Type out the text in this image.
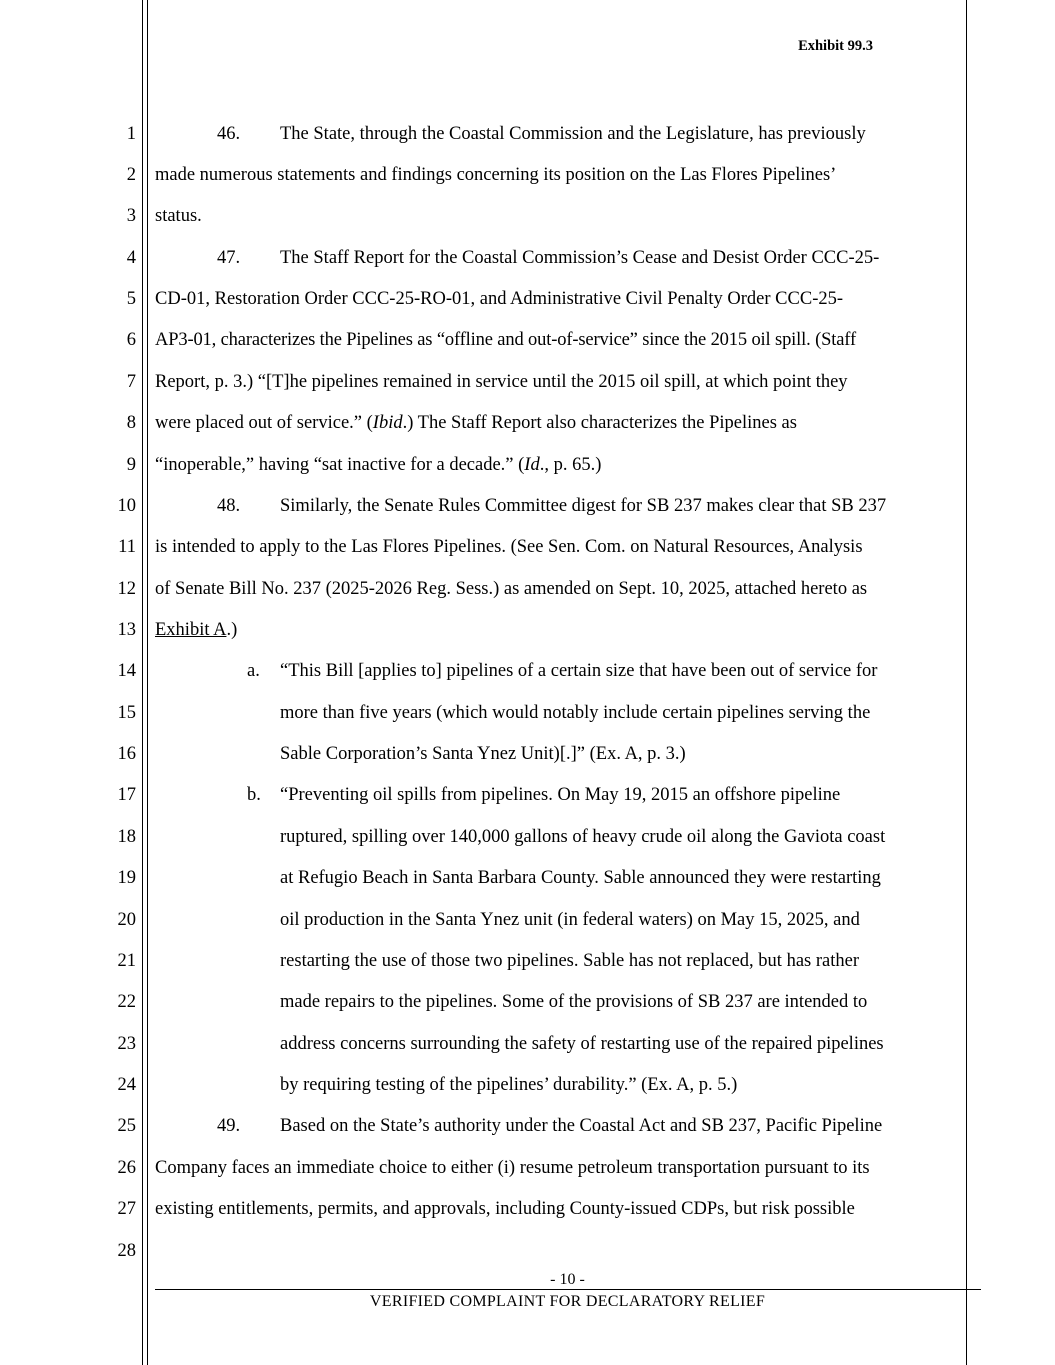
Exhibit 99.3
1
2
3
4
5
6
7
8
9
10
11
12
13
14
15
16
17
18
19
20
21
22
23
24
25
26
27
28
46. The State, through the Coastal Commission and the Legislature, has previously
made numerous statements and findings concerning its position on the Las Flores Pipelines’
status.
47. The Staff Report for the Coastal Commission’s Cease and Desist Order CCC-25-
CD-01, Restoration Order CCC-25-RO-01, and Administrative Civil Penalty Order CCC-25-
AP3-01, characterizes the Pipelines as “offline and out-of-service” since the 2015 oil spill. (Staff
Report, p. 3.) “[T]he pipelines remained in service until the 2015 oil spill, at which point they
were placed out of service.” (Ibid.) The Staff Report also characterizes the Pipelines as
“inoperable,” having “sat inactive for a decade.” (Id., p. 65.)
48. Similarly, the Senate Rules Committee digest for SB 237 makes clear that SB 237
is intended to apply to the Las Flores Pipelines. (See Sen. Com. on Natural Resources, Analysis
of Senate Bill No. 237 (2025-2026 Reg. Sess.) as amended on Sept. 10, 2025, attached hereto as
Exhibit A.)
a. “This Bill [applies to] pipelines of a certain size that have been out of service for
more than five years (which would notably include certain pipelines serving the
Sable Corporation’s Santa Ynez Unit)[.]” (Ex. A, p. 3.)
b. “Preventing oil spills from pipelines. On May 19, 2015 an offshore pipeline
ruptured, spilling over 140,000 gallons of heavy crude oil along the Gaviota coast
at Refugio Beach in Santa Barbara County. Sable announced they were restarting
oil production in the Santa Ynez unit (in federal waters) on May 15, 2025, and
restarting the use of those two pipelines. Sable has not replaced, but has rather
made repairs to the pipelines. Some of the provisions of SB 237 are intended to
address concerns surrounding the safety of restarting use of the repaired pipelines
by requiring testing of the pipelines’ durability.” (Ex. A, p. 5.)
49. Based on the State’s authority under the Coastal Act and SB 237, Pacific Pipeline
Company faces an immediate choice to either (i) resume petroleum transportation pursuant to its
existing entitlements, permits, and approvals, including County-issued CDPs, but risk possible
- 10 -
VERIFIED COMPLAINT FOR DECLARATORY RELIEF
